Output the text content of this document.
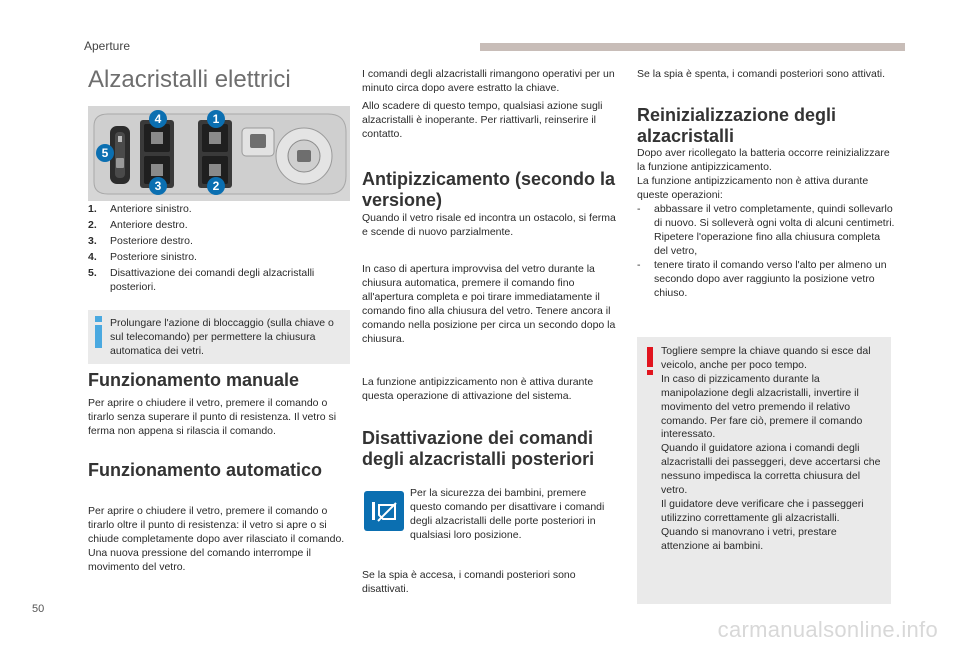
Aperture
Alzacristalli elettrici
4	1
5
3	2
1.	Anteriore sinistro.
2.	Anteriore destro.
3.	Posteriore destro.
4.	Posteriore sinistro.
5.	Disattivazione dei comandi degli alzacristalli posteriori.
Prolungare l'azione di bloccaggio (sulla chiave o sul telecomando) per permettere la chiusura automatica dei vetri.
Funzionamento manuale

Per aprire o chiudere il vetro, premere il comando o tirarlo senza superare il punto di resistenza. Il vetro si ferma non appena si rilascia il comando.

Funzionamento automatico

Per aprire o chiudere il vetro, premere il comando o tirarlo oltre il punto di resistenza: il vetro si apre o si chiude completamente dopo aver rilasciato il comando. Una nuova pressione del comando interrompe il movimento del vetro.

I comandi degli alzacristalli rimangono operativi per un minuto circa dopo avere estratto la chiave.

Allo scadere di questo tempo, qualsiasi azione sugli alzacristalli è inoperante. Per riattivarli, reinserire il contatto.

Antipizzicamento (secondo la versione)

Quando il vetro risale ed incontra un ostacolo, si ferma e scende di nuovo parzialmente.

In caso di apertura improvvisa del vetro durante la chiusura automatica, premere il comando fino all'apertura completa e poi tirare immediatamente il comando fino alla chiusura del vetro. Tenere ancora il comando nella posizione per circa un secondo dopo la chiusura.

La funzione antipizzicamento non è attiva durante questa operazione di attivazione del sistema.

Disattivazione dei comandi degli alzacristalli posteriori

Per la sicurezza dei bambini, premere questo comando per disattivare i comandi degli alzacristalli delle porte posteriori in qualsiasi loro posizione.

Se la spia è accesa, i comandi posteriori sono disattivati.

Se la spia è spenta, i comandi posteriori sono attivati.

Reinizializzazione degli alzacristalli

Dopo aver ricollegato la batteria occorre reinizializzare la funzione antipizzicamento.

La funzione antipizzicamento non è attiva durante queste operazioni:

-	abbassare il vetro completamente, quindi sollevarlo di nuovo. Si solleverà ogni volta di alcuni centimetri. Ripetere l'operazione fino alla chiusura completa del vetro,
-	tenere tirato il comando verso l'alto per almeno un secondo dopo aver raggiunto la posizione vetro chiuso.

Togliere sempre la chiave quando si esce dal veicolo, anche per poco tempo.

In caso di pizzicamento durante la manipolazione degli alzacristalli, invertire il movimento del vetro premendo il relativo comando. Per fare ciò, premere il comando interessato.

Quando il guidatore aziona i comandi degli alzacristalli dei passeggeri, deve accertarsi che nessuno impedisca la corretta chiusura del vetro.

Il guidatore deve verificare che i passeggeri utilizzino correttamente gli alzacristalli.

Quando si manovrano i vetri, prestare attenzione ai bambini.

50
carmanualsonline.info
